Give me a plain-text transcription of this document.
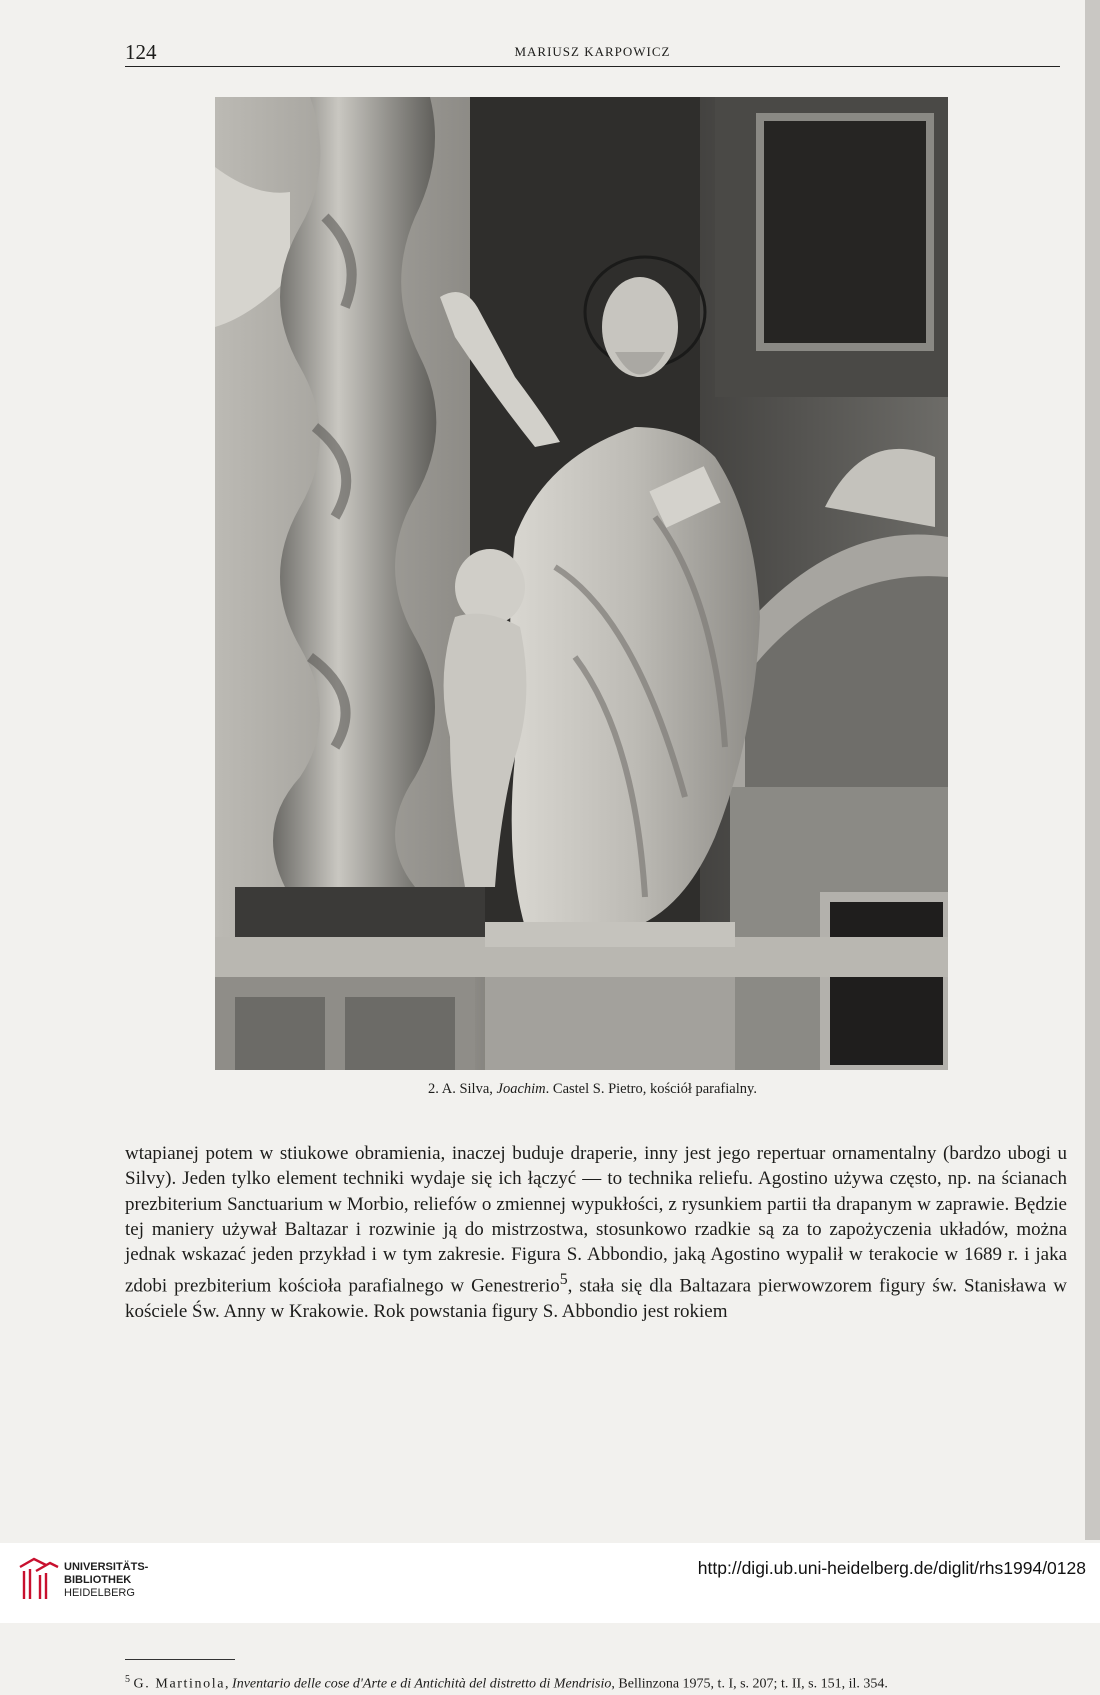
124	MARIUSZ KARPOWICZ
2. A. Silva, Joachim. Castel S. Pietro, kościół parafialny.

wtapianej potem w stiukowe obramienia, inaczej buduje draperie, inny jest jego repertuar ornamentalny (bardzo ubogi u Silvy). Jeden tylko element techniki wydaje się ich łączyć — to technika reliefu. Agostino używa często, np. na ścianach prezbiterium Sanctuarium w Morbio, reliefów o zmiennej wypukłości, z rysunkiem partii tła drapanym w zaprawie. Będzie tej maniery używał Baltazar i rozwinie ją do mistrzostwa, stosunkowo rzadkie są za to zapożyczenia układów, można jednak wskazać jeden przykład i w tym zakresie. Figura S. Abbondio, jaką Agostino wypalił w terakocie w 1689 r. i jaka zdobi prezbiterium kościoła parafialnego w Genestrerio$^5$, stała się dla Baltazara pierwowzorem figury św. Stanisława w kościele Św. Anny w Krakowie. Rok powstania figury S. Abbondio jest rokiem

$^5$ G. Martinola, Inventario delle cose d'Arte e di Antichità del distretto di Mendrisio, Bellinzona 1975, t. I, s. 207; t. II, s. 151, il. 354.
UNIVERSITÄTS-
BIBLIOTHEK
HEIDELBERG
http://digi.ub.uni-heidelberg.de/diglit/rhs1994/0128
